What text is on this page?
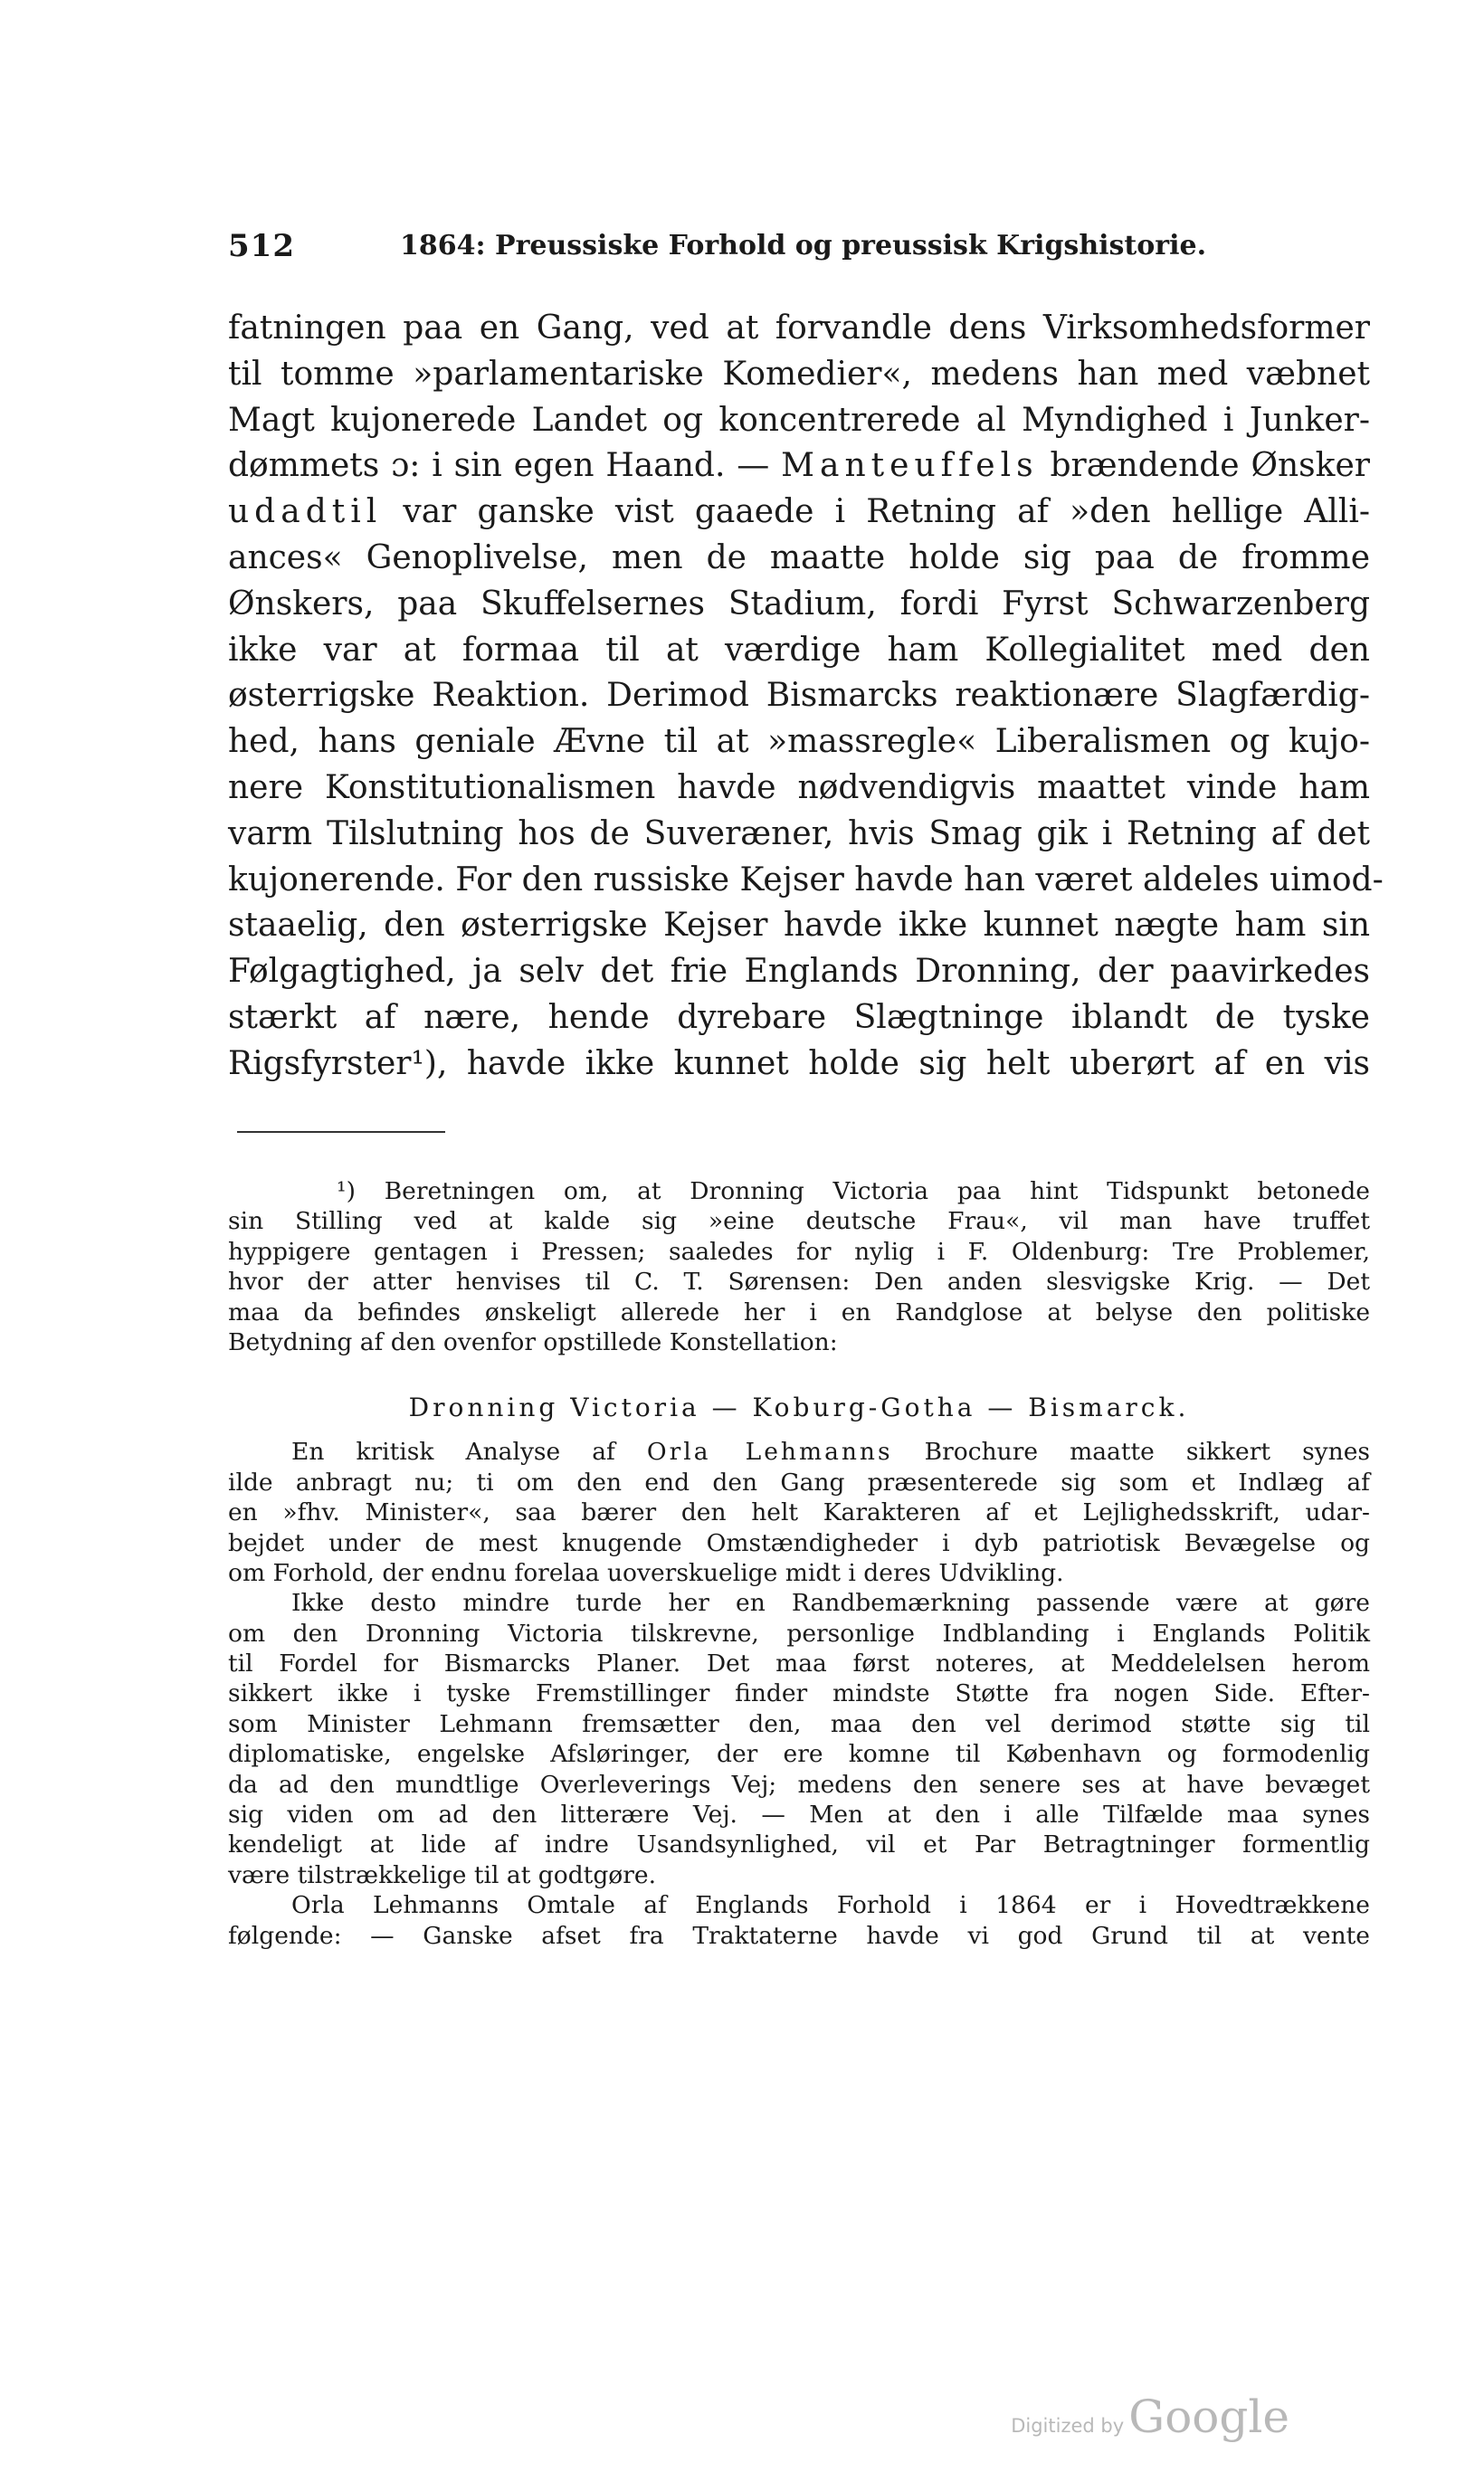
512	1864: Preussiske Forhold og preussisk Krigshistorie.
fatningen paa en Gang, ved at forvandle dens Virksomhedsformer
til tomme »parlamentariske Komedier«, medens han med væbnet
Magt kujonerede Landet og koncentrerede al Myndighed i Junker-
dømmets ɔ: i sin egen Haand. — Manteuffels brændende Ønsker
udadtil var ganske vist gaaede i Retning af »den hellige Alli-
ances« Genoplivelse, men de maatte holde sig paa de fromme
Ønskers, paa Skuffelsernes Stadium, fordi Fyrst Schwarzenberg
ikke var at formaa til at værdige ham Kollegialitet med den
østerrigske Reaktion. Derimod Bismarcks reaktionære Slagfærdig-
hed, hans geniale Ævne til at »massregle« Liberalismen og kujo-
nere Konstitutionalismen havde nødvendigvis maattet vinde ham
varm Tilslutning hos de Suveræner, hvis Smag gik i Retning af det
kujonerende. For den russiske Kejser havde han været aldeles uimod-
staaelig, den østerrigske Kejser havde ikke kunnet nægte ham sin
Følgagtighed, ja selv det frie Englands Dronning, der paavirkedes
stærkt af nære, hende dyrebare Slægtninge iblandt de tyske
Rigsfyrster¹), havde ikke kunnet holde sig helt uberørt af en vis
¹) Beretningen om, at Dronning Victoria paa hint Tidspunkt betonede
sin Stilling ved at kalde sig »eine deutsche Frau«, vil man have truffet
hyppigere gentagen i Pressen; saaledes for nylig i F. Oldenburg: Tre Problemer,
hvor der atter henvises til C. T. Sørensen: Den anden slesvigske Krig. — Det
maa da befindes ønskeligt allerede her i en Randglose at belyse den politiske
Betydning af den ovenfor opstillede Konstellation:
Dronning Victoria — Koburg-Gotha — Bismarck.
En kritisk Analyse af Orla Lehmanns Brochure maatte sikkert synes
ilde anbragt nu; ti om den end den Gang præsenterede sig som et Indlæg af
en »fhv. Minister«, saa bærer den helt Karakteren af et Lejlighedsskrift, udar-
bejdet under de mest knugende Omstændigheder i dyb patriotisk Bevægelse og
om Forhold, der endnu forelaa uoverskuelige midt i deres Udvikling.
Ikke desto mindre turde her en Randbemærkning passende være at gøre
om den Dronning Victoria tilskrevne, personlige Indblanding i Englands Politik
til Fordel for Bismarcks Planer. Det maa først noteres, at Meddelelsen herom
sikkert ikke i tyske Fremstillinger finder mindste Støtte fra nogen Side. Efter-
som Minister Lehmann fremsætter den, maa den vel derimod støtte sig til
diplomatiske, engelske Afsløringer, der ere komne til København og formodenlig
da ad den mundtlige Overleverings Vej; medens den senere ses at have bevæget
sig viden om ad den litterære Vej. — Men at den i alle Tilfælde maa synes
kendeligt at lide af indre Usandsynlighed, vil et Par Betragtninger formentlig
være tilstrækkelige til at godtgøre.
Orla Lehmanns Omtale af Englands Forhold i 1864 er i Hovedtrækkene
følgende: — Ganske afset fra Traktaterne havde vi god Grund til at vente
Digitized by Google
